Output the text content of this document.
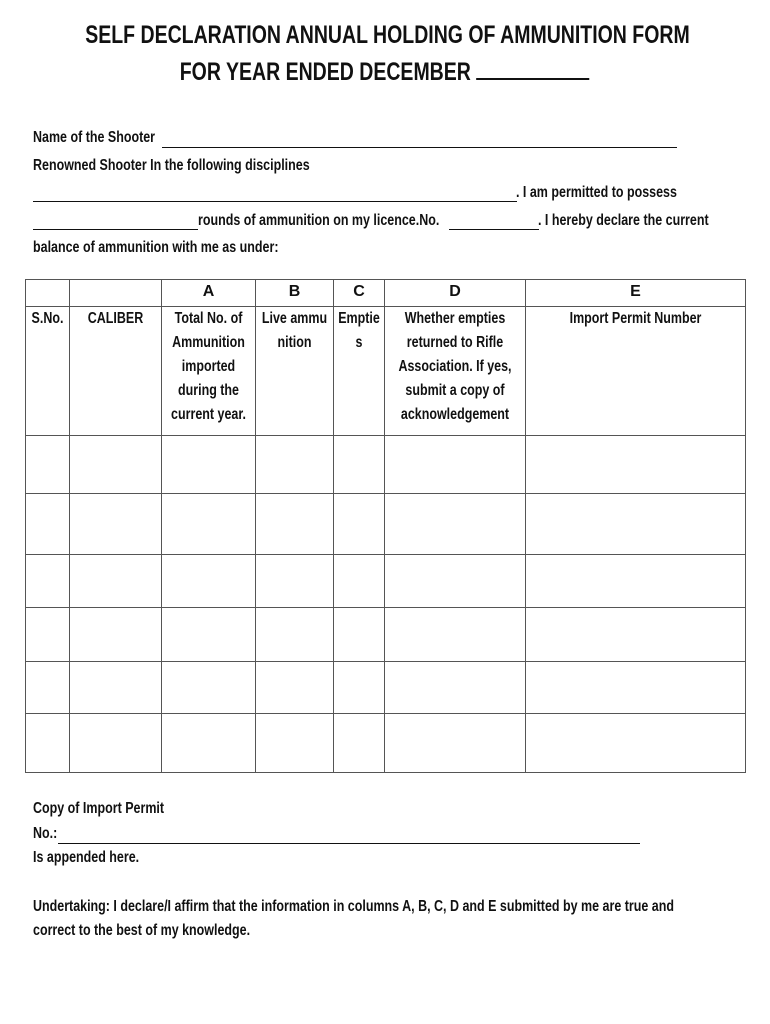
SELF DECLARATION ANNUAL HOLDING OF AMMUNITION FORM
FOR YEAR ENDED DECEMBER
Name of the Shooter
Renowned Shooter In the following disciplines
. I am permitted to possess
rounds of ammunition on my licence.No.	. I hereby declare the current
balance of ammunition with me as under:
		A	B	C	D	E

S.No.	CALIBER	Total No. of Ammunition imported during the current year.	Live ammunition	Empties	Whether empties returned to Rifle Association. If yes, submit a copy of acknowledgement	Import Permit Number

Copy of Import Permit
No.:
Is appended here.
Undertaking: I declare/I affirm that the information in columns A, B, C, D and E submitted by me are true and
correct to the best of my knowledge.
